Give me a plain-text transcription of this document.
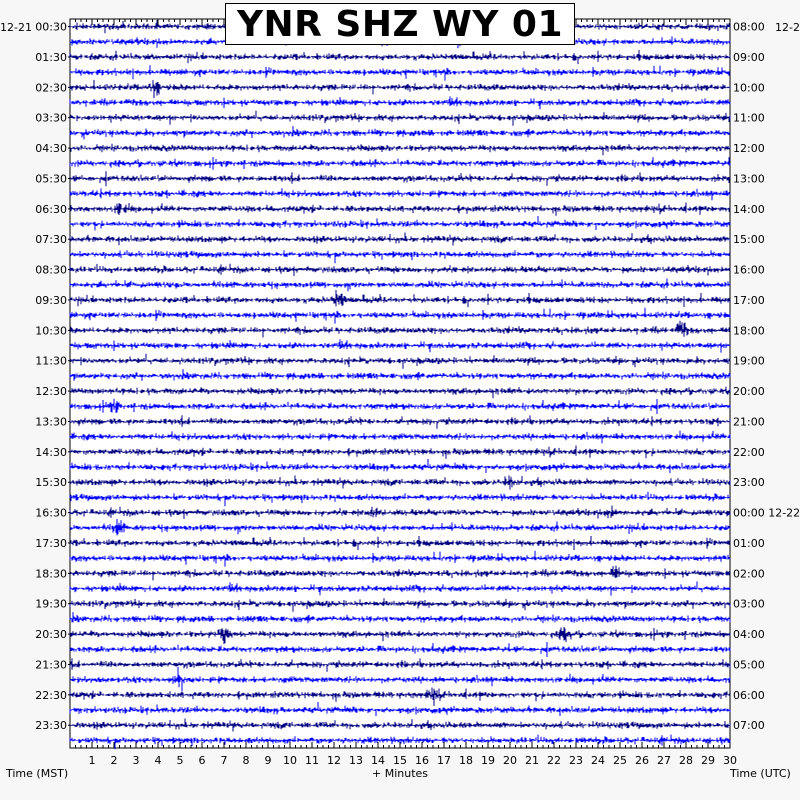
1 2 3 4 5 6 7 8 9 10 11 12 13 14 15 16 17 18 19 20 21 22 23 24 25 26 27 28 29 30
00:30
01:30
02:30
03:30
04:30
05:30
06:30
07:30
08:30
09:30
10:30
11:30
12:30
13:30
14:30
15:30
16:30
17:30
18:30
19:30
20:30
21:30
22:30
23:30
08:00
09:00
10:00
11:00
12:00
13:00
14:00
15:00
16:00
17:00
18:00
19:00
20:00
21:00
22:00
23:00
00:00 12-22
01:00
02:00
03:00
04:00
05:00
06:00
07:00
YNR SHZ WY 01
12-21	12-2
Time (MST)	+ Minutes	Time (UTC)
